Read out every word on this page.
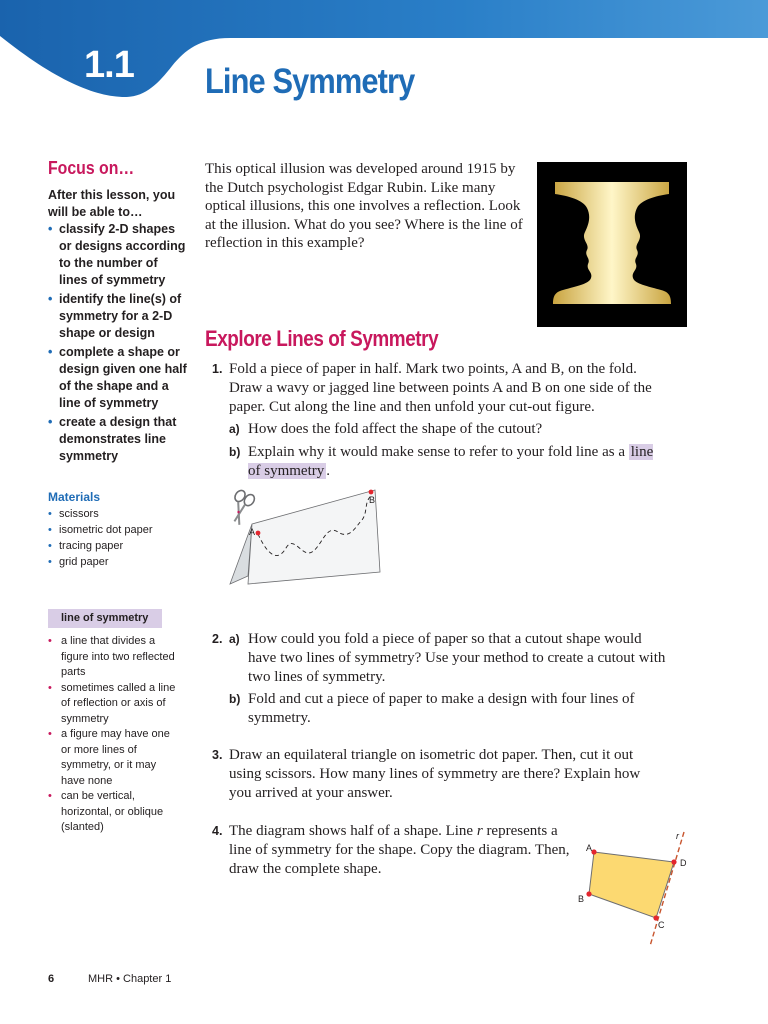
1.1 Line Symmetry
Focus on…
After this lesson, you will be able to…
• classify 2-D shapes or designs according to the number of lines of symmetry
• identify the line(s) of symmetry for a 2-D shape or design
• complete a shape or design given one half of the shape and a line of symmetry
• create a design that demonstrates line symmetry
Materials
• scissors
• isometric dot paper
• tracing paper
• grid paper
line of symmetry
• a line that divides a figure into two reflected parts
• sometimes called a line of reflection or axis of symmetry
• a figure may have one or more lines of symmetry, or it may have none
• can be vertical, horizontal, or oblique (slanted)
This optical illusion was developed around 1915 by the Dutch psychologist Edgar Rubin. Like many optical illusions, this one involves a reflection. Look at the illusion. What do you see? Where is the line of reflection in this example?
Explore Lines of Symmetry
1. Fold a piece of paper in half. Mark two points, A and B, on the fold. Draw a wavy or jagged line between points A and B on one side of the paper. Cut along the line and then unfold your cut-out figure.
a) How does the fold affect the shape of the cutout?
b) Explain why it would make sense to refer to your fold line as a line of symmetry .
A
B
2. a) How could you fold a piece of paper so that a cutout shape would have two lines of symmetry? Use your method to create a cutout with two lines of symmetry.
b) Fold and cut a piece of paper to make a design with four lines of symmetry.
3. Draw an equilateral triangle on isometric dot paper. Then, cut it out using scissors. How many lines of symmetry are there? Explain how you arrived at your answer.
4. The diagram shows half of a shape. Line r represents a line of symmetry for the shape. Copy the diagram. Then, draw the complete shape.
A
B
C
D
r
6	MHR • Chapter 1
